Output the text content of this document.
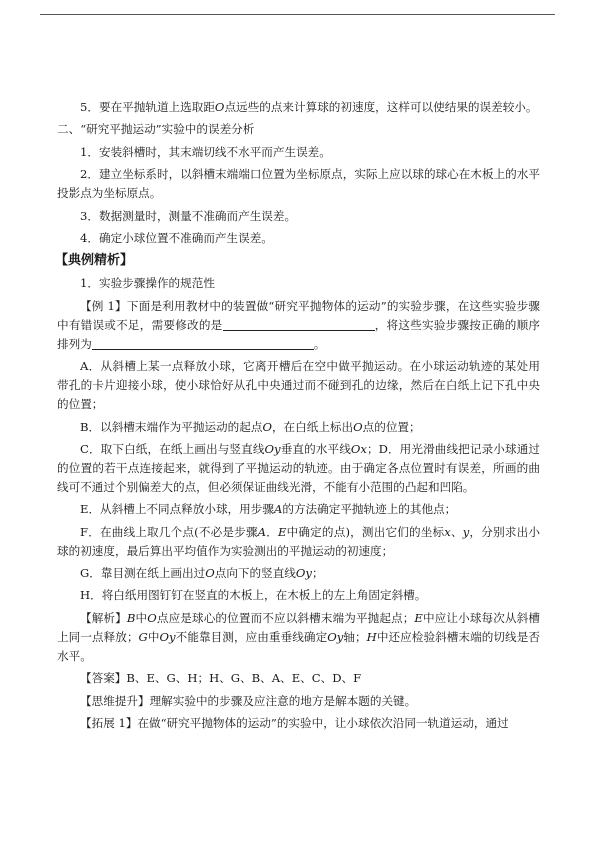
5．要在平抛轨道上选取距O点远些的点来计算球的初速度，这样可以使结果的误差较小。

二、“研究平抛运动”实验中的误差分析

1．安装斜槽时，其末端切线不水平而产生误差。

2．建立坐标系时，以斜槽末端端口位置为坐标原点，实际上应以球的球心在木板上的水平投影点为坐标原点。

3．数据测量时，测量不准确而产生误差。

4．确定小球位置不准确而产生误差。

【典例精析】

1．实验步骤操作的规范性

【例 1】下面是利用教材中的装置做“研究平抛物体的运动”的实验步骤，在这些实验步骤中有错误或不足，需要修改的是	，将这些实验步骤按正确的顺序排列为	。

A．从斜槽上某一点释放小球，它离开槽后在空中做平抛运动。在小球运动轨迹的某处用带孔的卡片迎接小球，使小球恰好从孔中央通过而不碰到孔的边缘，然后在白纸上记下孔中央的位置；

B．以斜槽末端作为平抛运动的起点O，在白纸上标出O点的位置；

C．取下白纸，在纸上画出与竖直线Oy垂直的水平线Ox；D．用光滑曲线把记录小球通过的位置的若干点连接起来，就得到了平抛运动的轨迹。由于确定各点位置时有误差，所画的曲线可不通过个别偏差大的点，但必须保证曲线光滑，不能有小范围的凸起和凹陷。

E．从斜槽上不同点释放小球，用步骤A的方法确定平抛轨迹上的其他点；

F．在曲线上取几个点(不必是步骤A．E中确定的点)，测出它们的坐标x、y，分别求出小球的初速度，最后算出平均值作为实验测出的平抛运动的初速度；

G．靠目测在纸上画出过O点向下的竖直线Oy；

H．将白纸用图钉钉在竖直的木板上，在木板上的左上角固定斜槽。

【解析】B中O点应是球心的位置而不应以斜槽末端为平抛起点；E中应让小球每次从斜槽上同一点释放；G中Oy不能靠目测，应由重垂线确定Oy轴；H中还应检验斜槽末端的切线是否水平。

【答案】B、E、G、H；H、G、B、A、E、C、D、F

【思维提升】理解实验中的步骤及应注意的地方是解本题的关键。

【拓展 1】在做“研究平抛物体的运动”的实验中，让小球依次沿同一轨道运动，通过
